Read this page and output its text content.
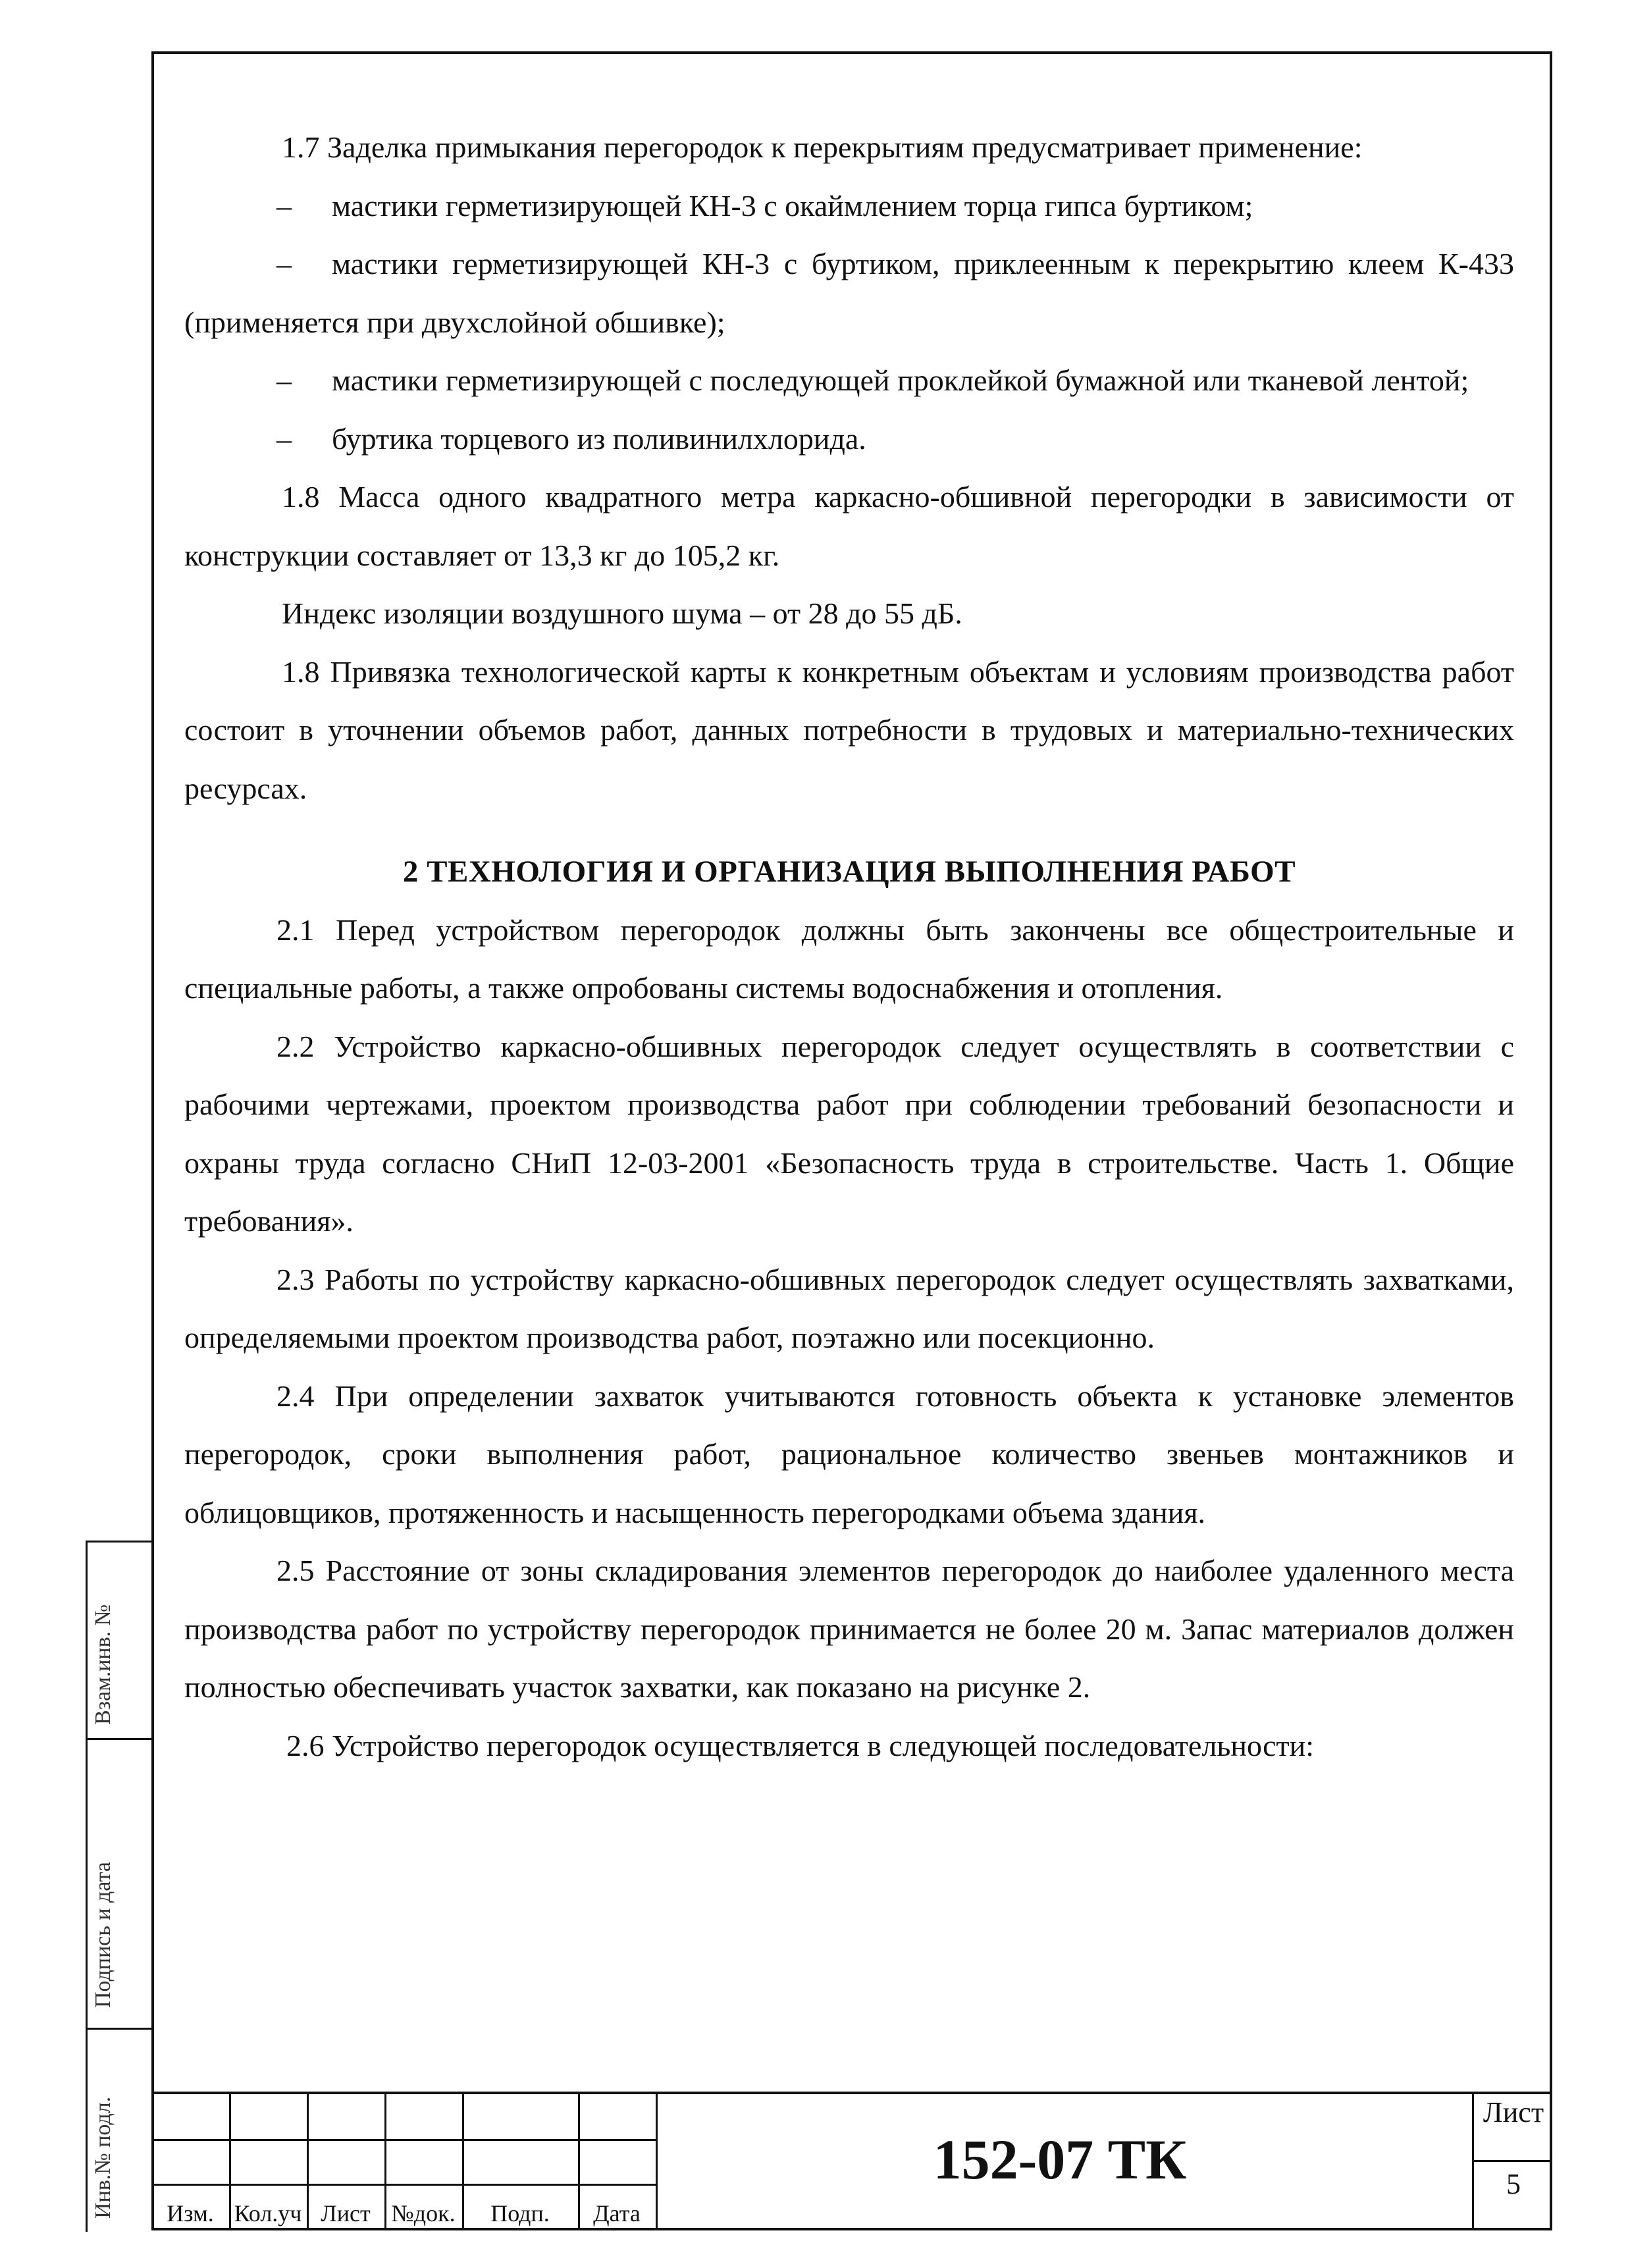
Взам.инв. №
Подпись и дата
Инв.№ подл.

1.7 Заделка примыкания перегородок к перекрытиям предусматривает применение:

– мастики герметизирующей КН-3 с окаймлением торца гипса буртиком;

– мастики герметизирующей КН-3 с буртиком, приклеенным к перекрытию клеем К-433 (применяется при двухслойной обшивке);

– мастики герметизирующей с последующей проклейкой бумажной или тканевой лентой;

– буртика торцевого из поливинилхлорида.

1.8 Масса одного квадратного метра каркасно-обшивной перегородки в зависимости от конструкции составляет от 13,3 кг до 105,2 кг.

Индекс изоляции воздушного шума – от 28 до 55 дБ.

1.8 Привязка технологической карты к конкретным объектам и условиям производства работ состоит в уточнении объемов работ, данных потребности в трудовых и материально-технических ресурсах.

2 ТЕХНОЛОГИЯ И ОРГАНИЗАЦИЯ ВЫПОЛНЕНИЯ РАБОТ

2.1 Перед устройством перегородок должны быть закончены все общестроительные и специальные работы, а также опробованы системы водоснабжения и отопления.

2.2 Устройство каркасно-обшивных перегородок следует осуществлять в соответствии с рабочими чертежами, проектом производства работ при соблюдении требований безопасности и охраны труда согласно СНиП 12-03-2001 «Безопасность труда в строительстве. Часть 1. Общие требования».

2.3 Работы по устройству каркасно-обшивных перегородок следует осуществлять захватками, определяемыми проектом производства работ, поэтажно или посекционно.

2.4 При определении захваток учитываются готовность объекта к установке элементов перегородок, сроки выполнения работ, рациональное количество звеньев монтажников и облицовщиков, протяженность и насыщенность перегородками объема здания.

2.5 Расстояние от зоны складирования элементов перегородок до наиболее удаленного места производства работ по устройству перегородок принимается не более 20 м. Запас материалов должен полностью обеспечивать участок захватки, как показано на рисунке 2.

2.6 Устройство перегородок осуществляется в следующей последовательности:

Изм. Кол.уч Лист №док.	Подп.	Дата
152-07 ТК
Лист
5
